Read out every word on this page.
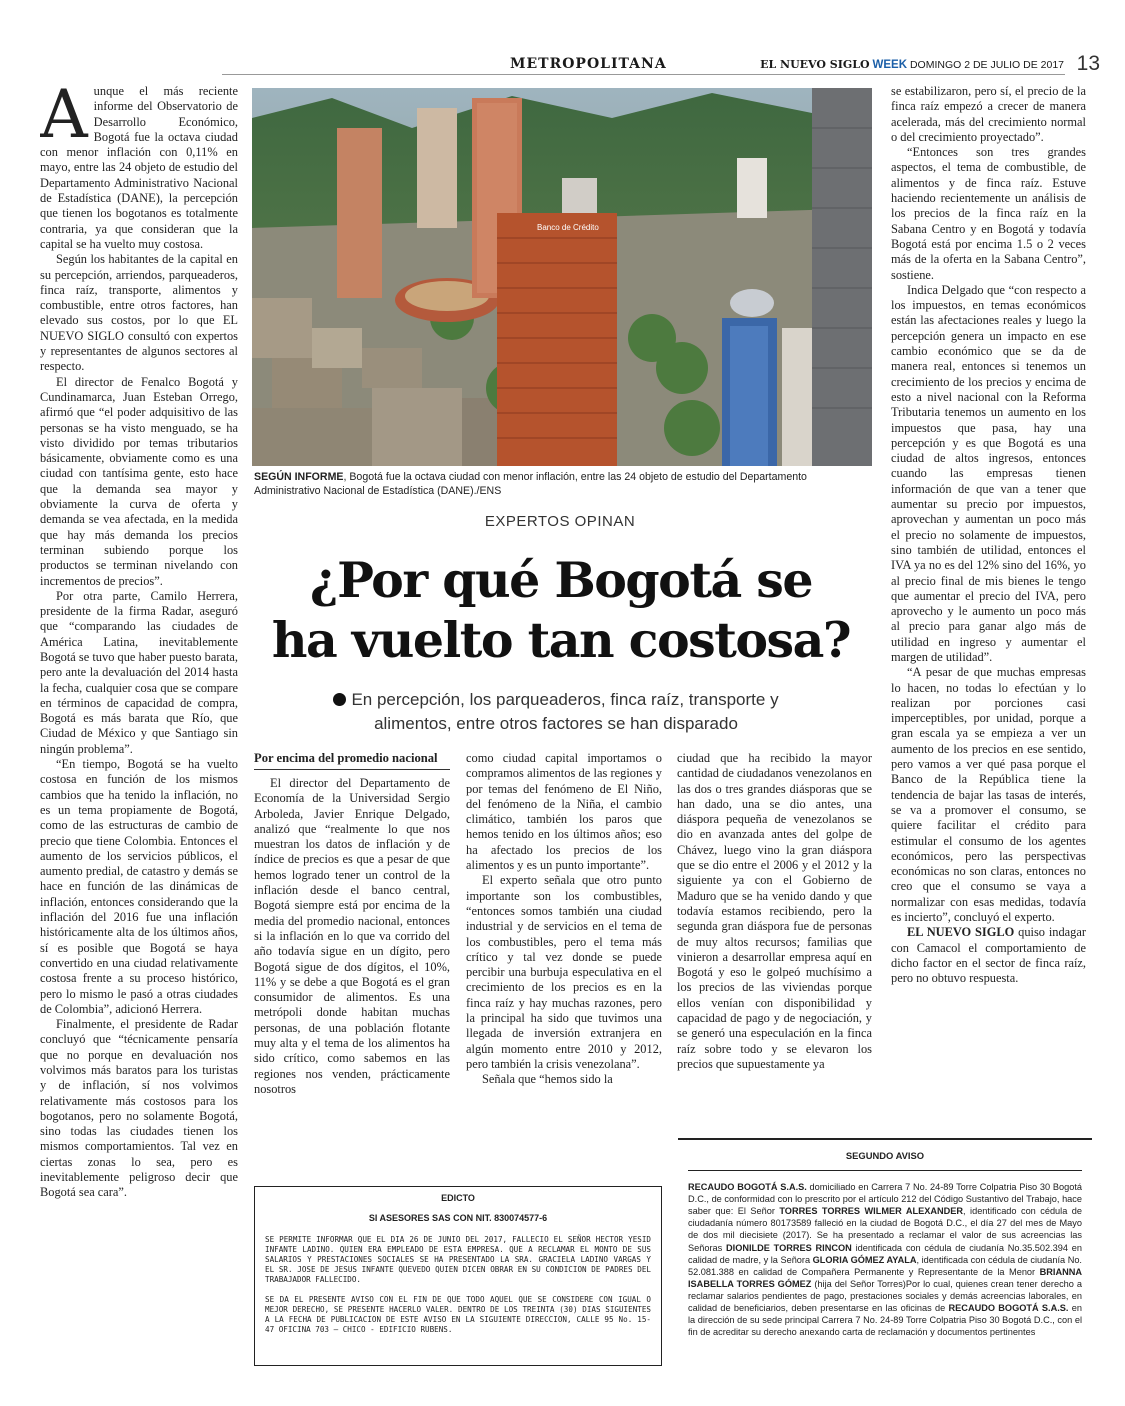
METROPOLITANA	EL NUEVO SIGLO WEEK DOMINGO 2 DE JULIO DE 2017 13

Aunque el más reciente informe del Observatorio de Desarrollo Económico, Bogotá fue la octava ciudad con menor inflación con 0,11% en mayo, entre las 24 objeto de estudio del Departamento Administrativo Nacional de Estadística (DANE), la percepción que tienen los bogotanos es totalmente contraria, ya que consideran que la capital se ha vuelto muy costosa.

Según los habitantes de la capital en su percepción, arriendos, parqueaderos, finca raíz, transporte, alimentos y combustible, entre otros factores, han elevado sus costos, por lo que EL NUEVO SIGLO consultó con expertos y representantes de algunos sectores al respecto.

El director de Fenalco Bogotá y Cundinamarca, Juan Esteban Orrego, afirmó que “el poder adquisitivo de las personas se ha visto menguado, se ha visto dividido por temas tributarios básicamente, obviamente como es una ciudad con tantísima gente, esto hace que la demanda sea mayor y obviamente la curva de oferta y demanda se vea afectada, en la medida que hay más demanda los precios terminan subiendo porque los productos se terminan nivelando con incrementos de precios”.

Por otra parte, Camilo Herrera, presidente de la firma Radar, aseguró que “comparando las ciudades de América Latina, inevitablemente Bogotá se tuvo que haber puesto barata, pero ante la devaluación del 2014 hasta la fecha, cualquier cosa que se compare en términos de capacidad de compra, Bogotá es más barata que Río, que Ciudad de México y que Santiago sin ningún problema”.

“En tiempo, Bogotá se ha vuelto costosa en función de los mismos cambios que ha tenido la inflación, no es un tema propiamente de Bogotá, como de las estructuras de cambio de precio que tiene Colombia. Entonces el aumento de los servicios públicos, el aumento predial, de catastro y demás se hace en función de las dinámicas de inflación, entonces considerando que la inflación del 2016 fue una inflación históricamente alta de los últimos años, sí es posible que Bogotá se haya convertido en una ciudad relativamente costosa frente a su proceso histórico, pero lo mismo le pasó a otras ciudades de Colombia”, adicionó Herrera.

Finalmente, el presidente de Radar concluyó que “técnicamente pensaría que no porque en devaluación nos volvimos más baratos para los turistas y de inflación, sí nos volvimos relativamente más costosos para los bogotanos, pero no solamente Bogotá, sino todas las ciudades tienen los mismos comportamientos. Tal vez en ciertas zonas lo sea, pero es inevitablemente peligroso decir que Bogotá sea cara”.

Banco de Crédito
SEGÚN INFORME, Bogotá fue la octava ciudad con menor inflación, entre las 24 objeto de estudio del Departamento Administrativo Nacional de Estadística (DANE)./ENS
EXPERTOS OPINAN
¿Por qué Bogotá se
ha vuelto tan costosa?
En percepción, los parqueaderos, finca raíz, transporte y alimentos, entre otros factores se han disparado
Por encima del promedio nacional

El director del Departamento de Economía de la Universidad Sergio Arboleda, Javier Enrique Delgado, analizó que “realmente lo que nos muestran los datos de inflación y de índice de precios es que a pesar de que hemos logrado tener un control de la inflación desde el banco central, Bogotá siempre está por encima de la media del promedio nacional, entonces si la inflación en lo que va corrido del año todavía sigue en un dígito, pero Bogotá sigue de dos dígitos, el 10%, 11% y se debe a que Bogotá es el gran consumidor de alimentos. Es una metrópoli donde habitan muchas personas, de una población flotante muy alta y el tema de los alimentos ha sido crítico, como sabemos en las regiones nos venden, prácticamente nosotros

como ciudad capital importamos o compramos alimentos de las regiones y por temas del fenómeno de El Niño, del fenómeno de la Niña, el cambio climático, también los paros que hemos tenido en los últimos años; eso ha afectado los precios de los alimentos y es un punto importante”.

El experto señala que otro punto importante son los combustibles, “entonces somos también una ciudad industrial y de servicios en el tema de los combustibles, pero el tema más crítico y tal vez donde se puede percibir una burbuja especulativa en el crecimiento de los precios es en la finca raíz y hay muchas razones, pero la principal ha sido que tuvimos una llegada de inversión extranjera en algún momento entre 2010 y 2012, pero también la crisis venezolana”.

Señala que “hemos sido la

ciudad que ha recibido la mayor cantidad de ciudadanos venezolanos en las dos o tres grandes diásporas que se han dado, una se dio antes, una diáspora pequeña de venezolanos se dio en avanzada antes del golpe de Chávez, luego vino la gran diáspora que se dio entre el 2006 y el 2012 y la siguiente ya con el Gobierno de Maduro que se ha venido dando y que todavía estamos recibiendo, pero la segunda gran diáspora fue de personas de muy altos recursos; familias que vinieron a desarrollar empresa aquí en Bogotá y eso le golpeó muchísimo a los precios de las viviendas porque ellos venían con disponibilidad y capacidad de pago y de negociación, y se generó una especulación en la finca raíz sobre todo y se elevaron los precios que supuestamente ya

se estabilizaron, pero sí, el precio de la finca raíz empezó a crecer de manera acelerada, más del crecimiento normal o del crecimiento proyectado”.

“Entonces son tres grandes aspectos, el tema de combustible, de alimentos y de finca raíz. Estuve haciendo recientemente un análisis de los precios de la finca raíz en la Sabana Centro y en Bogotá y todavía Bogotá está por encima 1.5 o 2 veces más de la oferta en la Sabana Centro”, sostiene.

Indica Delgado que “con respecto a los impuestos, en temas económicos están las afectaciones reales y luego la percepción genera un impacto en ese cambio económico que se da de manera real, entonces si tenemos un crecimiento de los precios y encima de esto a nivel nacional con la Reforma Tributaria tenemos un aumento en los impuestos que pasa, hay una percepción y es que Bogotá es una ciudad de altos ingresos, entonces cuando las empresas tienen información de que van a tener que aumentar su precio por impuestos, aprovechan y aumentan un poco más el precio no solamente de impuestos, sino también de utilidad, entonces el IVA ya no es del 12% sino del 16%, yo al precio final de mis bienes le tengo que aumentar el precio del IVA, pero aprovecho y le aumento un poco más al precio para ganar algo más de utilidad en ingreso y aumentar el margen de utilidad”.

“A pesar de que muchas empresas lo hacen, no todas lo efectúan y lo realizan por porciones casi imperceptibles, por unidad, porque a gran escala ya se empieza a ver un aumento de los precios en ese sentido, pero vamos a ver qué pasa porque el Banco de la República tiene la tendencia de bajar las tasas de interés, se va a promover el consumo, se quiere facilitar el crédito para estimular el consumo de los agentes económicos, pero las perspectivas económicas no son claras, entonces no creo que el consumo se vaya a normalizar con esas medidas, todavía es incierto”, concluyó el experto.

EL NUEVO SIGLO quiso indagar con Camacol el comportamiento de dicho factor en el sector de finca raíz, pero no obtuvo respuesta.

EDICTO
SI ASESORES SAS CON NIT. 830074577-6

SE PERMITE INFORMAR QUE EL DIA 26 DE JUNIO DEL 2017, FALLECIO EL SEÑOR HECTOR YESID INFANTE LADINO. QUIEN ERA EMPLEADO DE ESTA EMPRESA. QUE A RECLAMAR EL MONTO DE SUS SALARIOS Y PRESTACIONES SOCIALES SE HA PRESENTADO LA SRA. GRACIELA LADINO VARGAS Y EL SR. JOSE DE JESUS INFANTE QUEVEDO QUIEN DICEN OBRAR EN SU CONDICION DE PADRES DEL TRABAJADOR FALLECIDO.

SE DA EL PRESENTE AVISO CON EL FIN DE QUE TODO AQUEL QUE SE CONSIDERE CON IGUAL O MEJOR DERECHO, SE PRESENTE HACERLO VALER. DENTRO DE LOS TREINTA (30) DIAS SIGUIENTES A LA FECHA DE PUBLICACION DE ESTE AVISO EN LA SIGUIENTE DIRECCION, CALLE 95 No. 15-47 OFICINA 703 – CHICO - EDIFICIO RUBENS.

SEGUNDO AVISO
RECAUDO BOGOTÁ S.A.S. domiciliado en Carrera 7 No. 24-89 Torre Colpatria Piso 30 Bogotá D.C., de conformidad con lo prescrito por el artículo 212 del Código Sustantivo del Trabajo, hace saber que: El Señor TORRES TORRES WILMER ALEXANDER, identificado con cédula de ciudadanía número 80173589 falleció en la ciudad de Bogotá D.C., el día 27 del mes de Mayo de dos mil diecisiete (2017). Se ha presentado a reclamar el valor de sus acreencias las Señoras DIONILDE TORRES RINCON identificada con cédula de ciudanía No.35.502.394 en calidad de madre, y la Señora GLORIA GÓMEZ AYALA, identificada con cédula de ciudanía No. 52.081.388 en calidad de Compañera Permanente y Representante de la Menor BRIANNA ISABELLA TORRES GÓMEZ (hija del Señor Torres)Por lo cual, quienes crean tener derecho a reclamar salarios pendientes de pago, prestaciones sociales y demás acreencias laborales, en calidad de beneficiarios, deben presentarse en las oficinas de RECAUDO BOGOTÁ S.A.S. en la dirección de su sede principal Carrera 7 No. 24-89 Torre Colpatria Piso 30 Bogotá D.C., con el fin de acreditar su derecho anexando carta de reclamación y documentos pertinentes
